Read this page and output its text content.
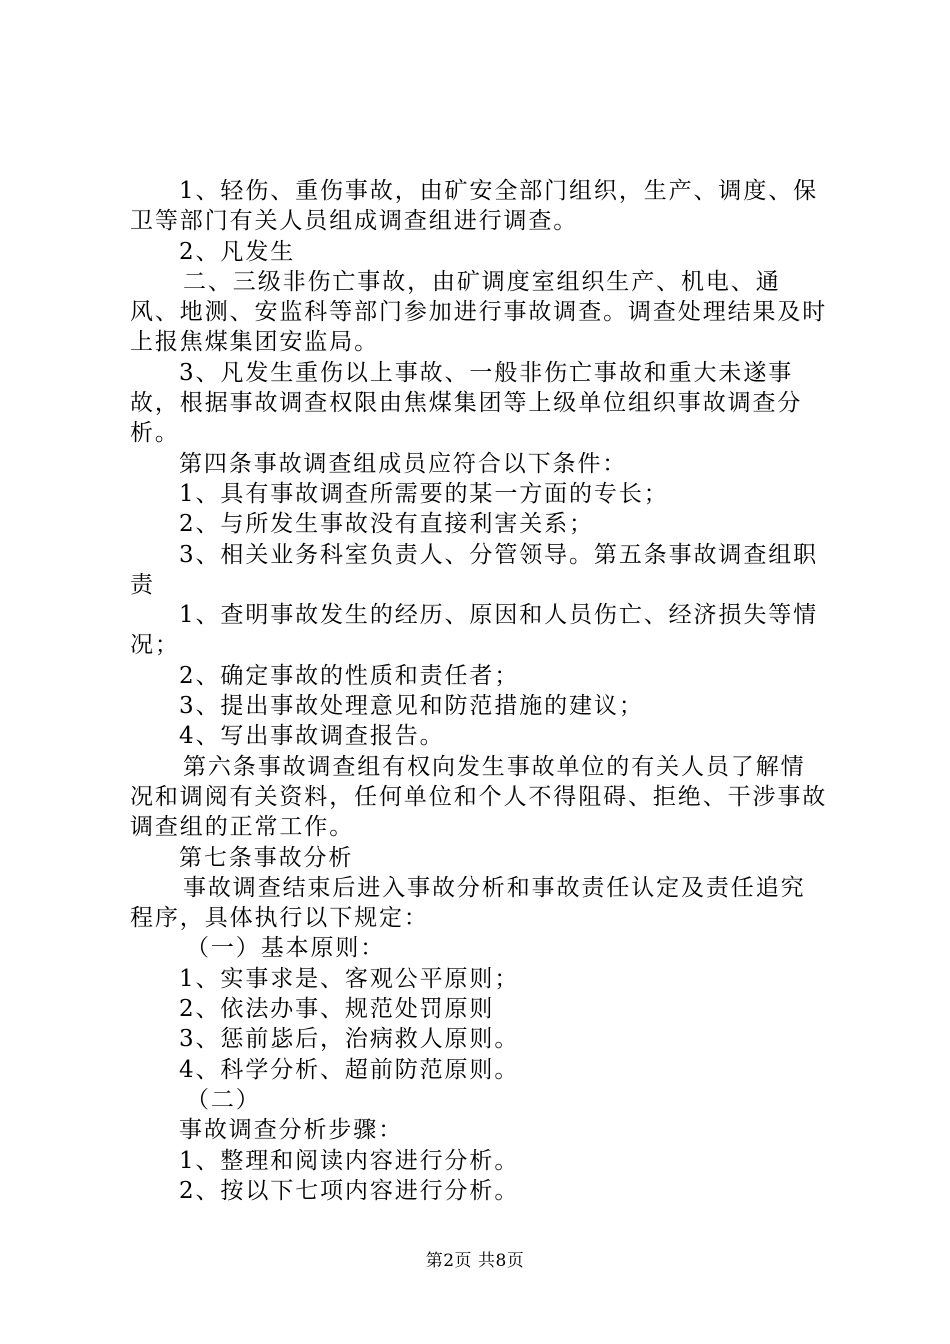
1、轻伤、重伤事故，由矿安全部门组织，生产、调度、保卫等部门有关人员组成调查组进行调查。

2、凡发生

二、三级非伤亡事故，由矿调度室组织生产、机电、通风、地测、安监科等部门参加进行事故调查。调查处理结果及时上报焦煤集团安监局。

3、凡发生重伤以上事故、一般非伤亡事故和重大未遂事故，根据事故调查权限由焦煤集团等上级单位组织事故调查分析。

第四条事故调查组成员应符合以下条件：

1、具有事故调查所需要的某一方面的专长；

2、与所发生事故没有直接利害关系；

3、相关业务科室负责人、分管领导。第五条事故调查组职责

1、查明事故发生的经历、原因和人员伤亡、经济损失等情况；

2、确定事故的性质和责任者；

3、提出事故处理意见和防范措施的建议；

4、写出事故调查报告。

第六条事故调查组有权向发生事故单位的有关人员了解情况和调阅有关资料，任何单位和个人不得阻碍、拒绝、干涉事故调查组的正常工作。

第七条事故分析

事故调查结束后进入事故分析和事故责任认定及责任追究程序，具体执行以下规定：

（一）基本原则：

1、实事求是、客观公平原则；

2、依法办事、规范处罚原则

3、惩前毖后，治病救人原则。

4、科学分析、超前防范原则。

（二）

事故调查分析步骤：

1、整理和阅读内容进行分析。

2、按以下七项内容进行分析。

第2页 共8页
